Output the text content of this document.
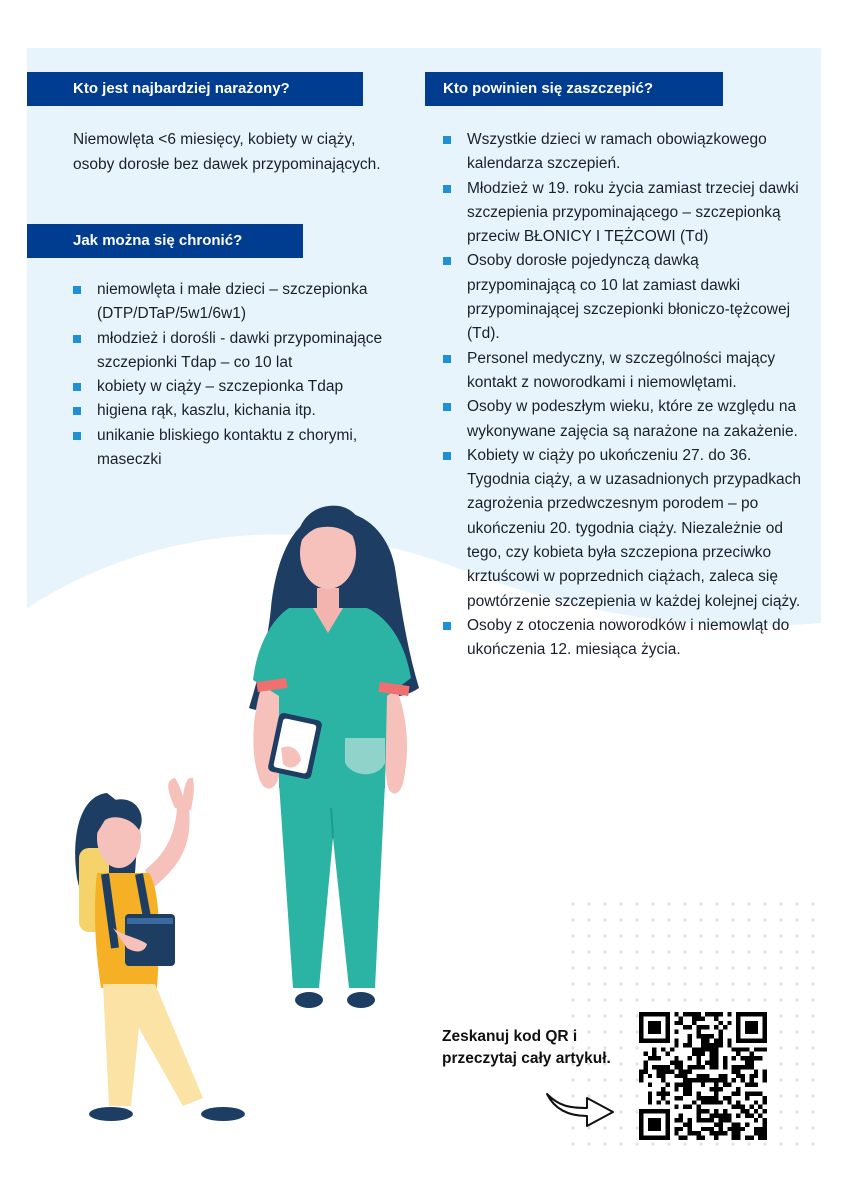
Kto jest najbardziej narażony?

Niemowlęta <6 miesięcy, kobiety w ciąży, osoby dorosłe bez dawek przypominających.

Jak można się chronić?
niemowlęta i małe dzieci – szczepionka (DTP/DTaP/5w1/6w1)
młodzież i dorośli - dawki przypominające szczepionki Tdap – co 10 lat
kobiety w ciąży – szczepionka Tdap
higiena rąk, kaszlu, kichania itp.
unikanie bliskiego kontaktu z chorymi, maseczki
Kto powinien się zaszczepić?
Wszystkie dzieci w ramach obowiązkowego kalendarza szczepień.
Młodzież w 19. roku życia zamiast trzeciej dawki szczepienia przypominającego – szczepionką przeciw BŁONICY I TĘŻCOWI (Td)
Osoby dorosłe pojedynczą dawką przypominającą co 10 lat zamiast dawki przypominającej szczepionki błoniczo-tężcowej (Td).
Personel medyczny, w szczególności mający kontakt z noworodkami i niemowlętami.
Osoby w podeszłym wieku, które ze względu na wykonywane zajęcia są narażone na zakażenie.
Kobiety w ciąży po ukończeniu 27. do 36. Tygodnia ciąży, a w uzasadnionych przypadkach zagrożenia przedwczesnym porodem – po ukończeniu 20. tygodnia ciąży. Niezależnie od tego, czy kobieta była szczepiona przeciwko krztuścowi w poprzednich ciążach, zaleca się powtórzenie szczepienia w każdej kolejnej ciąży.
Osoby z otoczenia noworodków i niemowląt do ukończenia 12. miesiąca życia.

Zeskanuj kod QR i przeczytaj cały artykuł.
